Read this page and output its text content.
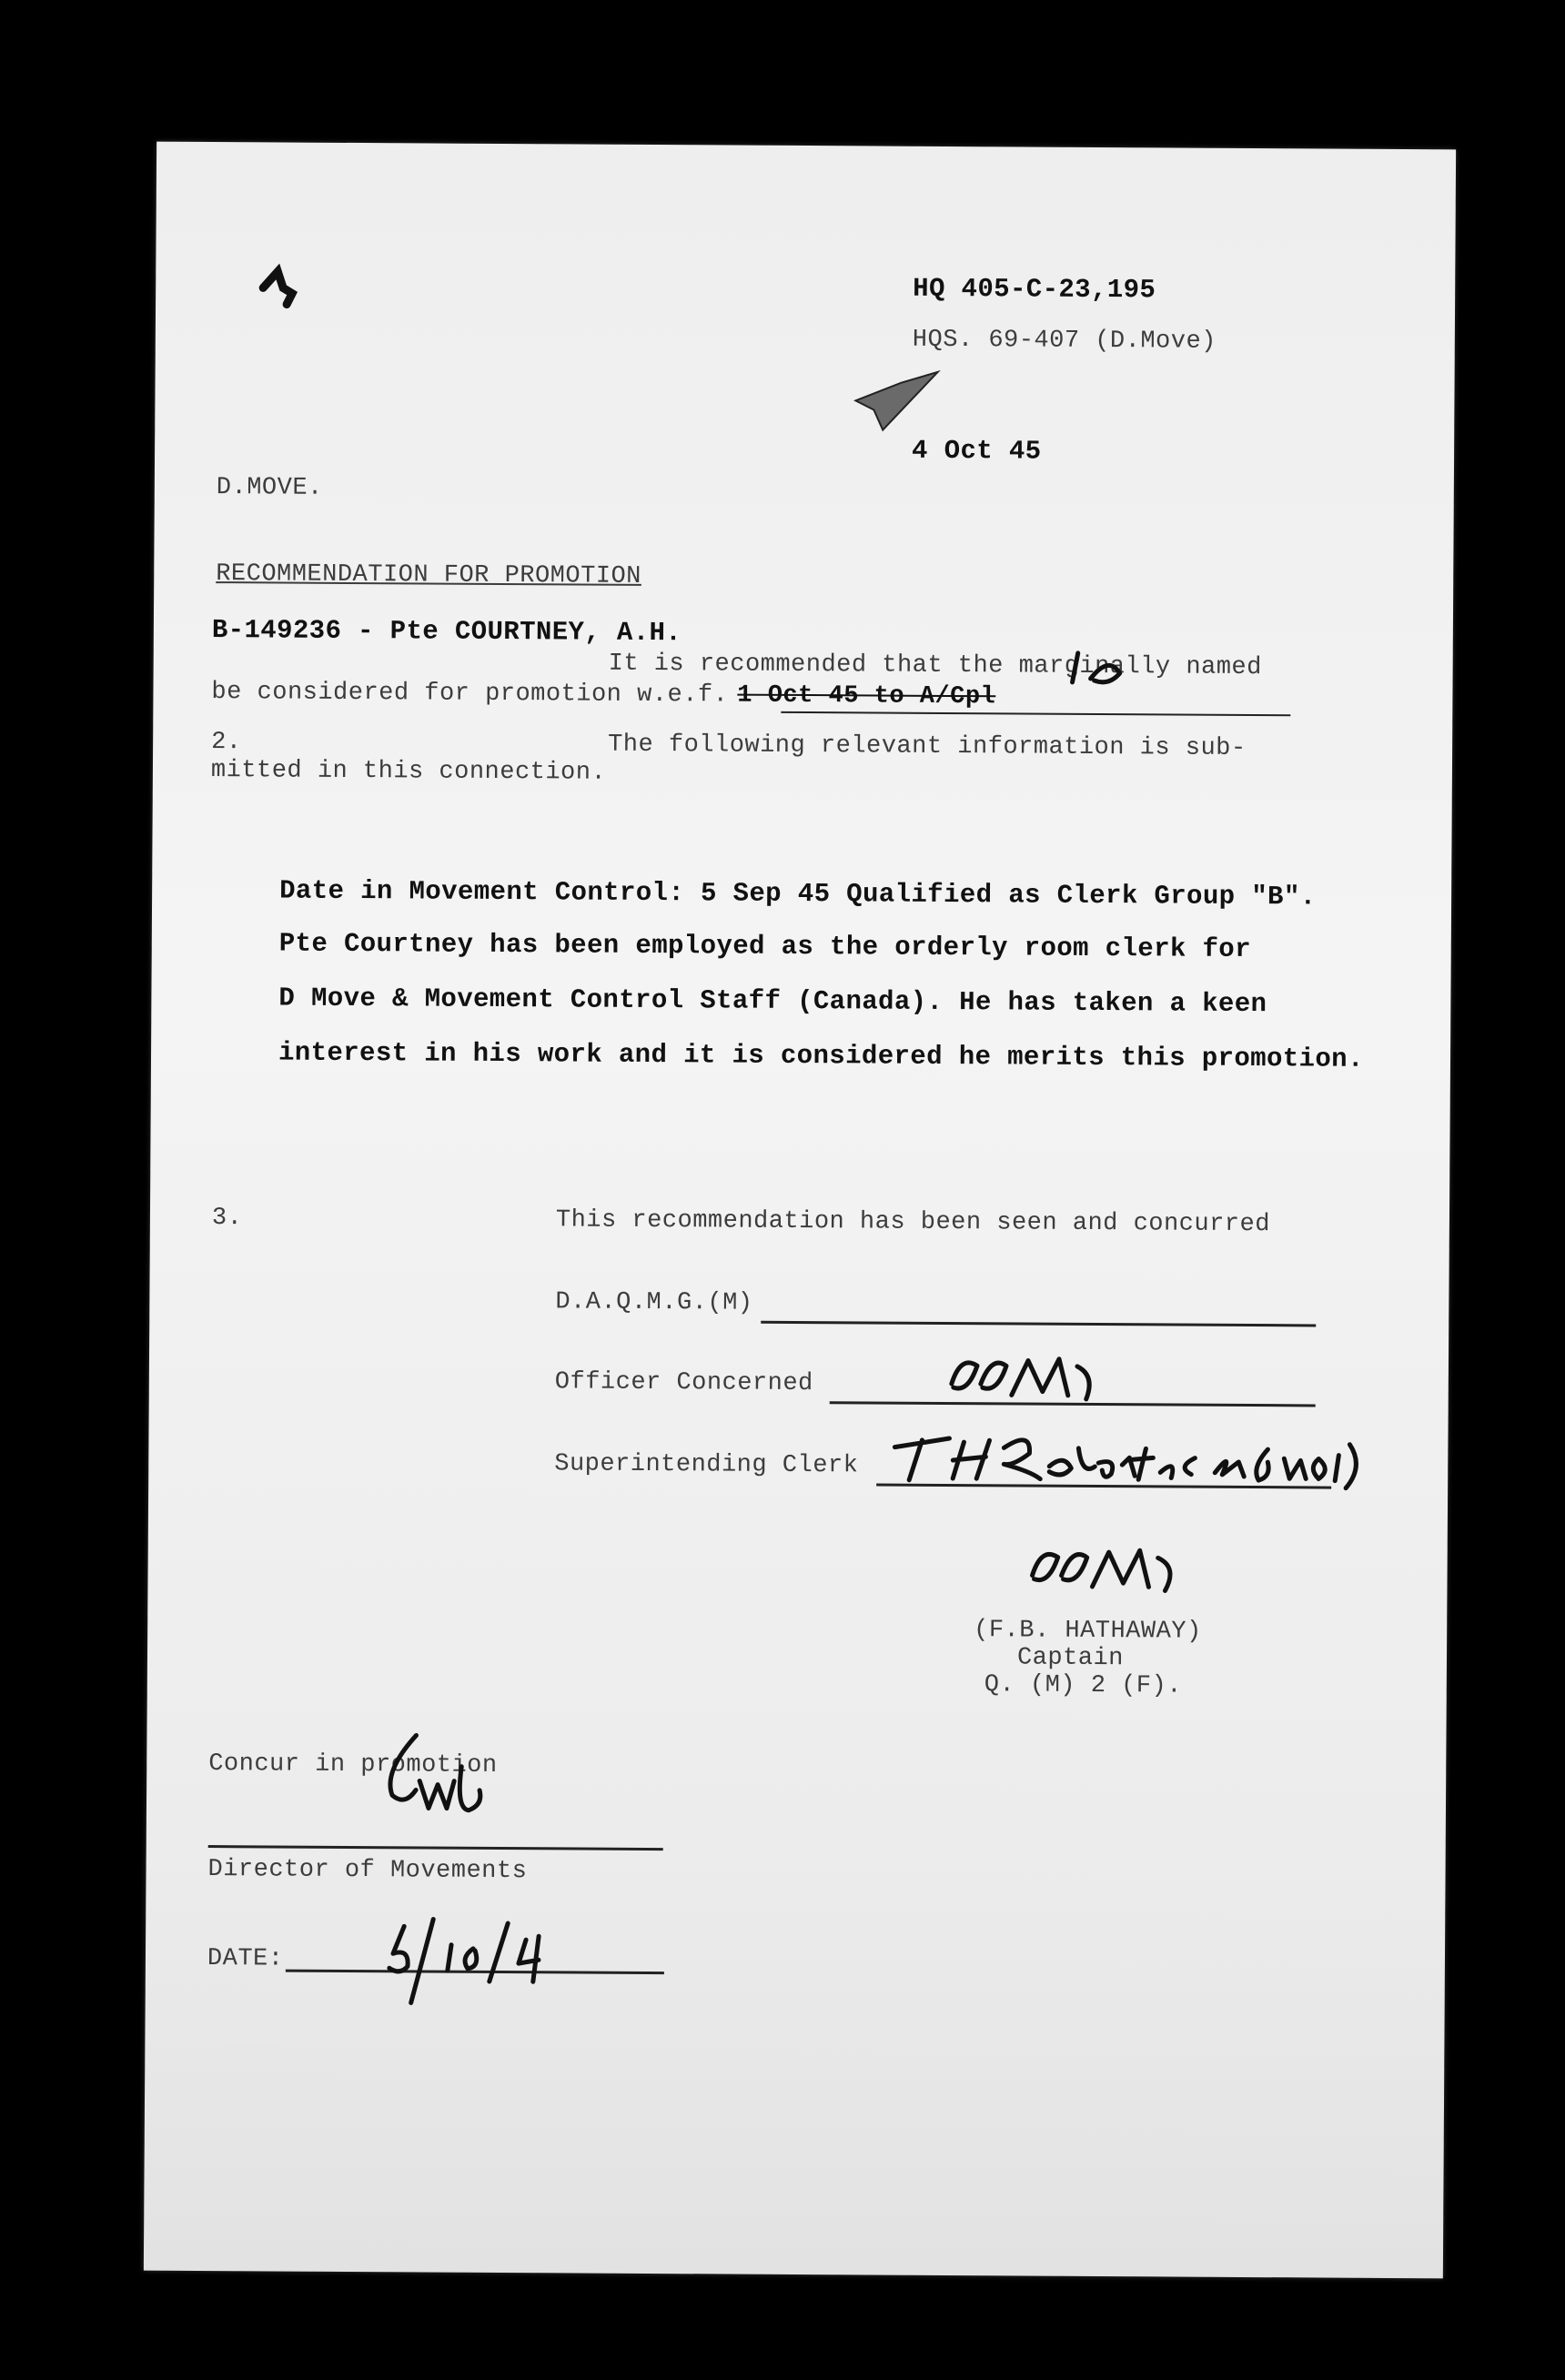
HQ 405-C-23,195
HQS. 69-407 (D.Move)
4 Oct 45
D.MOVE.
RECOMMENDATION FOR PROMOTION
B-149236 - Pte COURTNEY, A.H.
It is recommended that the marginally named
be considered for promotion w.e.f. 1 Oct 45 to A/Cpl
2.	The following relevant information is sub-
mitted in this connection.
Date in Movement Control: 5 Sep 45 Qualified as Clerk Group "B".
Pte Courtney has been employed as the orderly room clerk for
D Move & Movement Control Staff (Canada). He has taken a keen
interest in his work and it is considered he merits this promotion.
3.	This recommendation has been seen and concurred
D.A.Q.M.G.(M)
Officer Concerned
Superintending Clerk
(F.B. HATHAWAY)
Captain
Q. (M) 2 (F).
Concur in promotion
Director of Movements
DATE:
